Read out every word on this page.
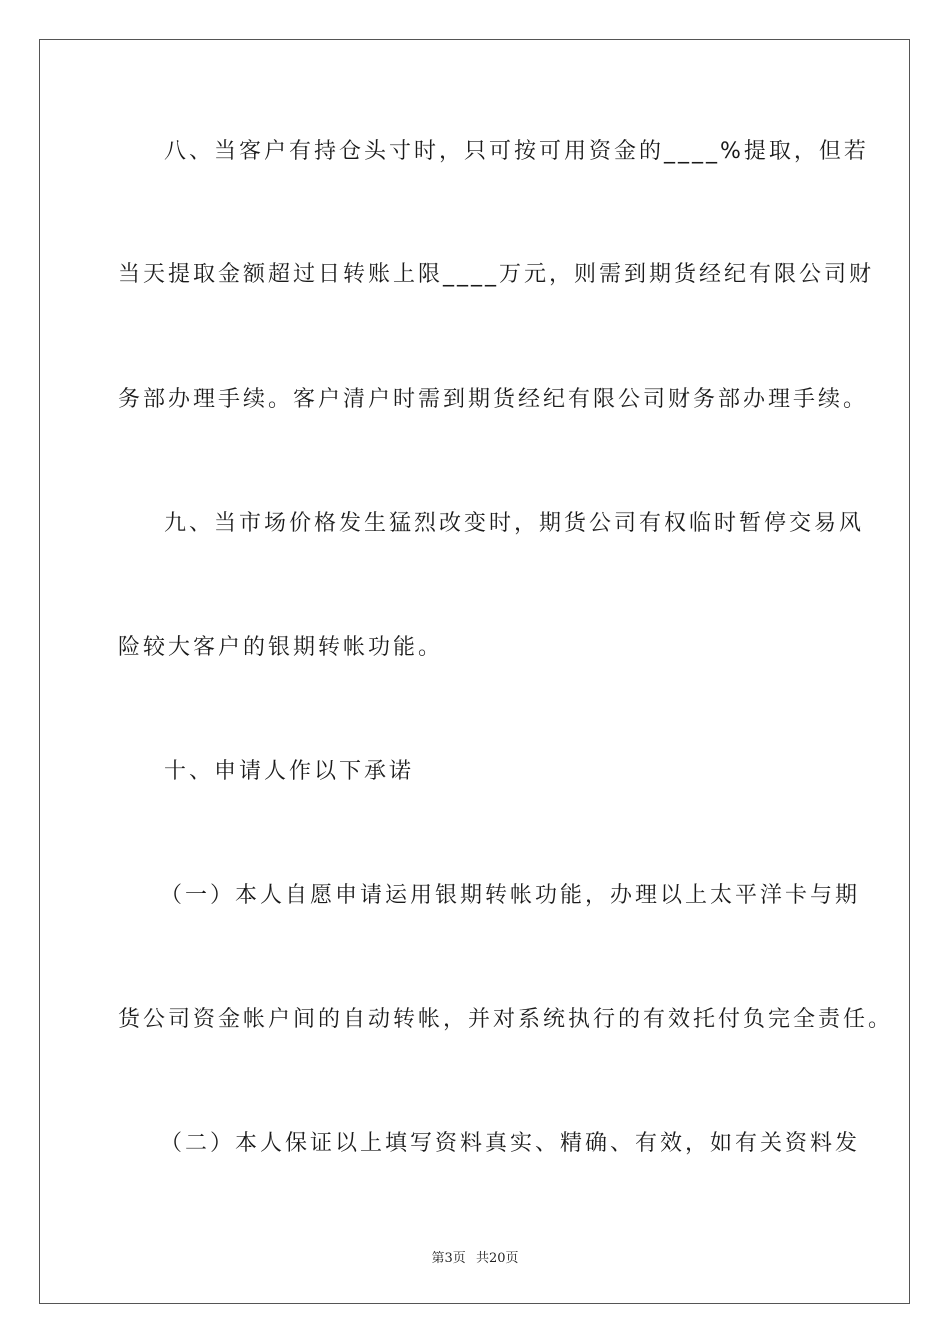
八、当客户有持仓头寸时，只可按可用资金的____%提取，但若
当天提取金额超过日转账上限____万元，则需到期货经纪有限公司财
务部办理手续。客户清户时需到期货经纪有限公司财务部办理手续。
九、当市场价格发生猛烈改变时，期货公司有权临时暂停交易风
险较大客户的银期转帐功能。
十、申请人作以下承诺
（一）本人自愿申请运用银期转帐功能，办理以上太平洋卡与期
货公司资金帐户间的自动转帐，并对系统执行的有效托付负完全责任。
（二）本人保证以上填写资料真实、精确、有效，如有关资料发
第3页 共20页
